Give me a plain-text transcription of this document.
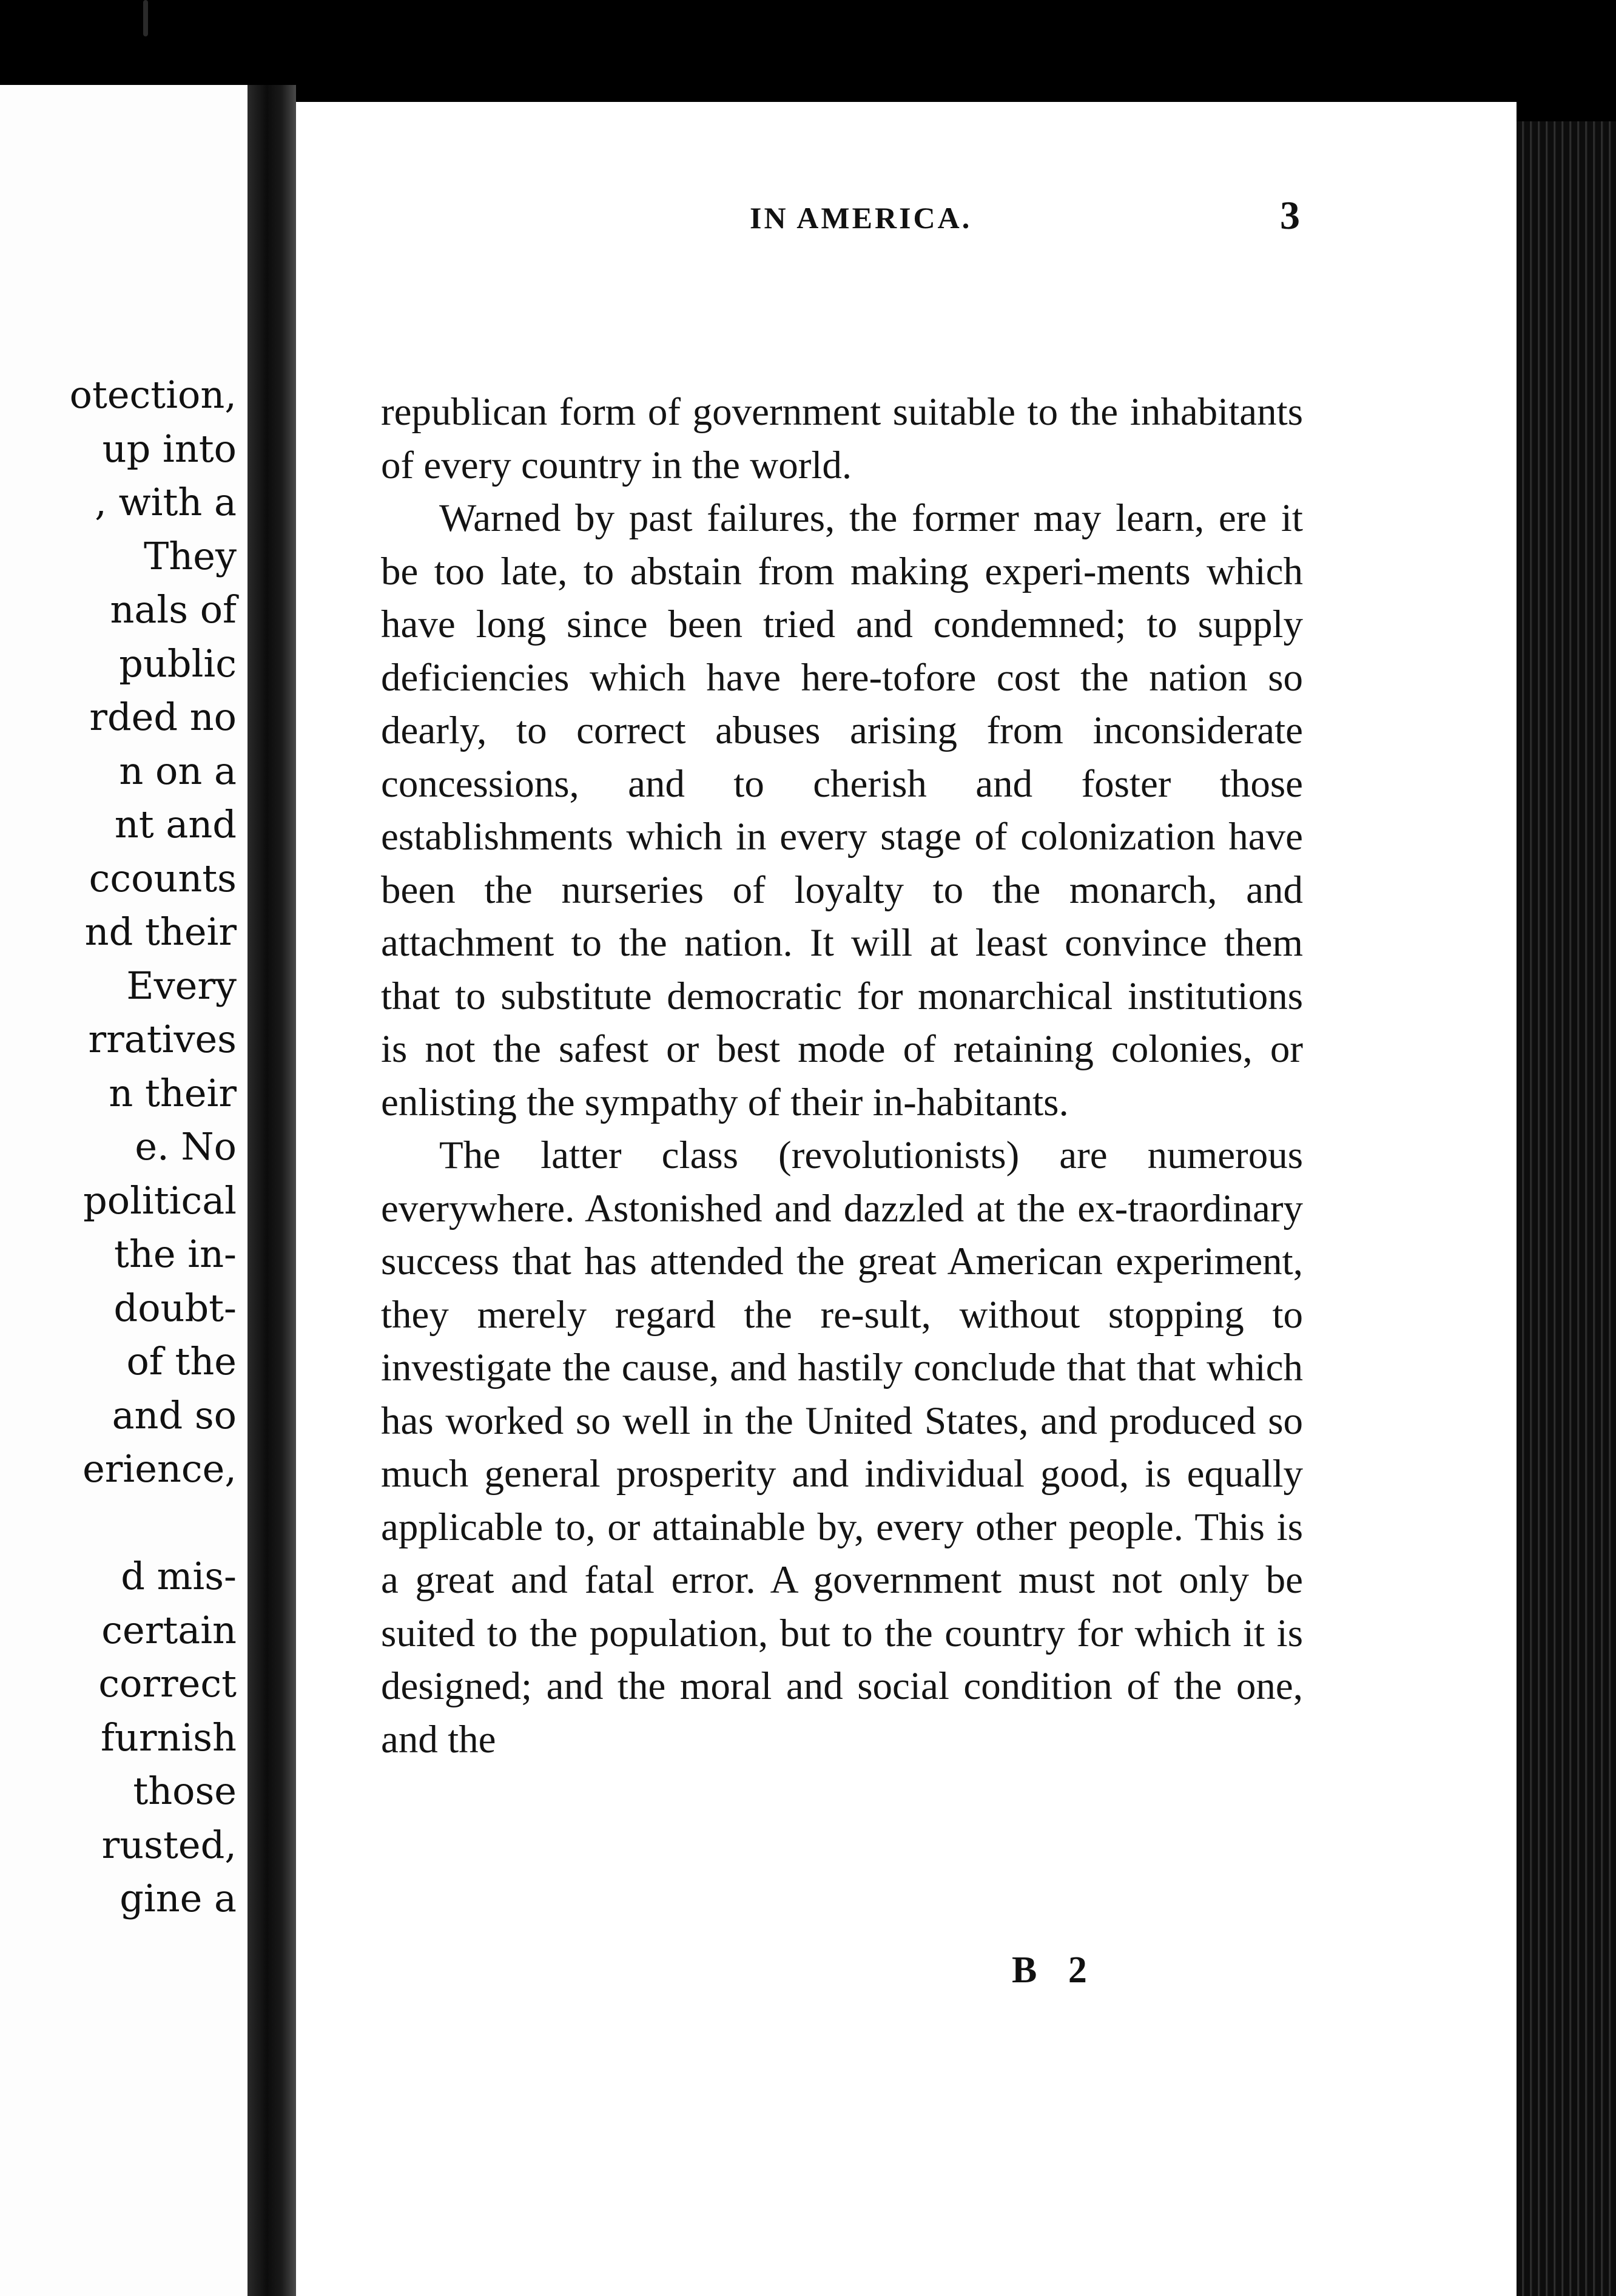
otection,
up into
, with a
They
nals of
public
rded no
n on a
nt and
ccounts
nd their
Every
rratives
n their
e. No
political
the in-
doubt-
of the
and so
erience,
d mis-
certain
correct
furnish
those
rusted,
gine a
IN AMERICA.	3

republican form of government suitable to the inhabitants of every country in the world.

Warned by past failures, the former may learn, ere it be too late, to abstain from making experi-ments which have long since been tried and condemned; to supply deficiencies which have here-tofore cost the nation so dearly, to correct abuses arising from inconsiderate concessions, and to cherish and foster those establishments which in every stage of colonization have been the nurseries of loyalty to the monarch, and attachment to the nation. It will at least convince them that to substitute democratic for monarchical institutions is not the safest or best mode of retaining colonies, or enlisting the sympathy of their in-habitants.

The latter class (revolutionists) are numerous everywhere. Astonished and dazzled at the ex-traordinary success that has attended the great American experiment, they merely regard the re-sult, without stopping to investigate the cause, and hastily conclude that that which has worked so well in the United States, and produced so much general prosperity and individual good, is equally applicable to, or attainable by, every other people. This is a great and fatal error. A government must not only be suited to the population, but to the country for which it is designed; and the moral and social condition of the one, and the

B 2
